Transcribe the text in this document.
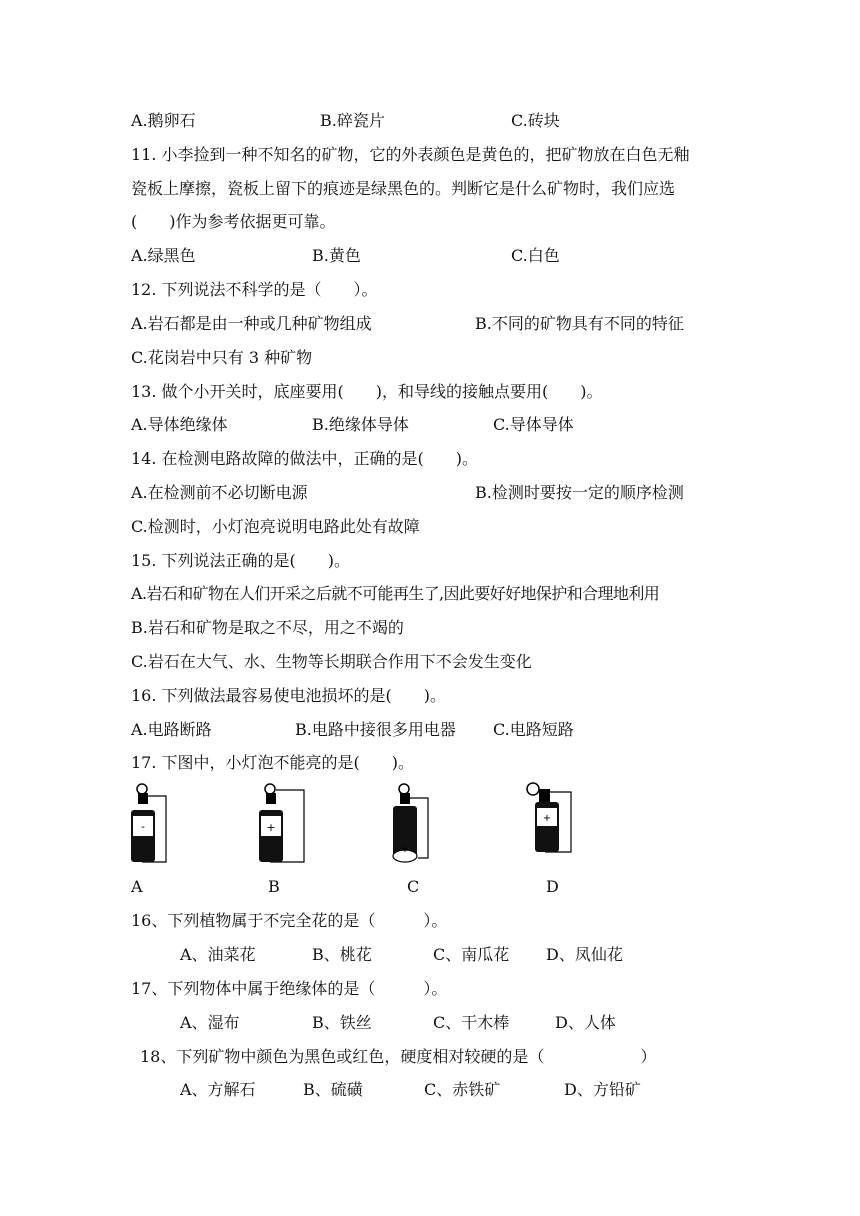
A.鹅卵石	B.碎瓷片	C.砖块
11. 小李捡到一种不知名的矿物，它的外表颜色是黄色的，把矿物放在白色无釉
瓷板上摩擦，瓷板上留下的痕迹是绿黑色的。判断它是什么矿物时，我们应选
(　　)作为参考依据更可靠。
A.绿黑色	B.黄色	C.白色
12. 下列说法不科学的是（　　）。
A.岩石都是由一种或几种矿物组成	B.不同的矿物具有不同的特征
C.花岗岩中只有 3 种矿物
13. 做个小开关时，底座要用(　　)，和导线的接触点要用(　　)。
A.导体绝缘体	B.绝缘体导体	C.导体导体
14. 在检测电路故障的做法中，正确的是(　　)。
A.在检测前不必切断电源	B.检测时要按一定的顺序检测
C.检测时，小灯泡亮说明电路此处有故障
15. 下列说法正确的是(　　)。
A.岩石和矿物在人们开采之后就不可能再生了,因此要好好地保护和合理地利用
B.岩石和矿物是取之不尽，用之不竭的
C.岩石在大气、水、生物等长期联合作用下不会发生变化
16. 下列做法最容易使电池损坏的是(　　)。
A.电路断路	B.电路中接很多用电器 C.电路短路
17. 下图中，小灯泡不能亮的是(　　)。
-	+
+
+
A	B	C	D
16、下列植物属于不完全花的是（　　　）。
A、油菜花	B、桃花	C、南瓜花 D、凤仙花
17、下列物体中属于绝缘体的是（　　　）。
A、湿布	B、铁丝	C、干木棒	D、人体
18、下列矿物中颜色为黑色或红色，硬度相对较硬的是（　　　　　　）
A、方解石	B、硫磺	C、赤铁矿	D、方铅矿
